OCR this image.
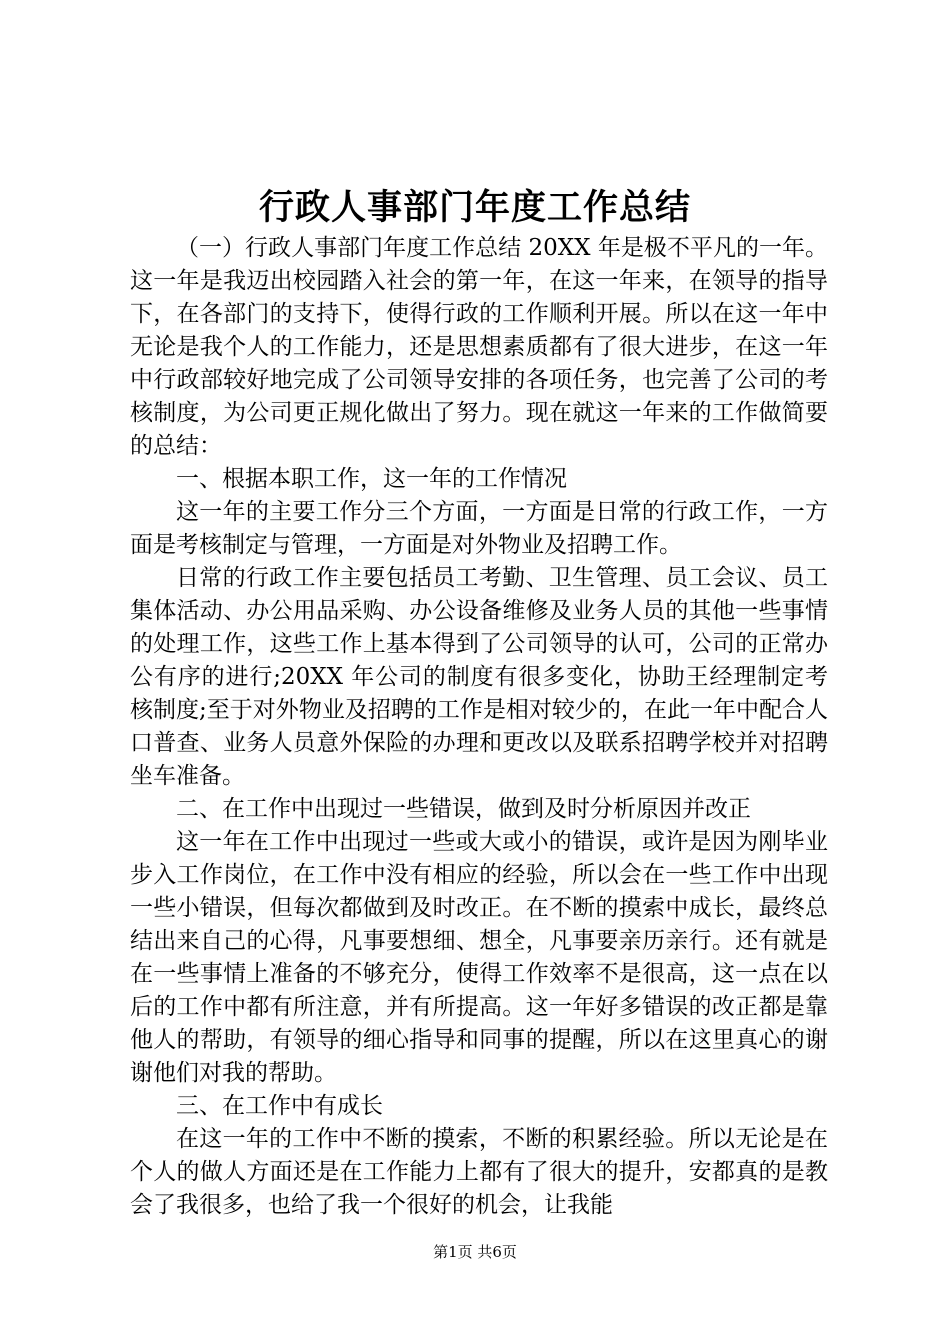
行政人事部门年度工作总结

（一）行政人事部门年度工作总结 20XX 年是极不平凡的一年。这一年是我迈出校园踏入社会的第一年，在这一年来，在领导的指导下，在各部门的支持下，使得行政的工作顺利开展。所以在这一年中无论是我个人的工作能力，还是思想素质都有了很大进步，在这一年中行政部较好地完成了公司领导安排的各项任务，也完善了公司的考核制度，为公司更正规化做出了努力。现在就这一年来的工作做简要的总结：

一、根据本职工作，这一年的工作情况

这一年的主要工作分三个方面，一方面是日常的行政工作，一方面是考核制定与管理，一方面是对外物业及招聘工作。

日常的行政工作主要包括员工考勤、卫生管理、员工会议、员工集体活动、办公用品采购、办公设备维修及业务人员的其他一些事情的处理工作，这些工作上基本得到了公司领导的认可，公司的正常办公有序的进行;20XX 年公司的制度有很多变化，协助王经理制定考核制度;至于对外物业及招聘的工作是相对较少的，在此一年中配合人口普查、业务人员意外保险的办理和更改以及联系招聘学校并对招聘坐车准备。

二、在工作中出现过一些错误，做到及时分析原因并改正

这一年在工作中出现过一些或大或小的错误，或许是因为刚毕业步入工作岗位，在工作中没有相应的经验，所以会在一些工作中出现一些小错误，但每次都做到及时改正。在不断的摸索中成长，最终总结出来自己的心得，凡事要想细、想全，凡事要亲历亲行。还有就是在一些事情上准备的不够充分，使得工作效率不是很高，这一点在以后的工作中都有所注意，并有所提高。这一年好多错误的改正都是靠他人的帮助，有领导的细心指导和同事的提醒，所以在这里真心的谢谢他们对我的帮助。

三、在工作中有成长

在这一年的工作中不断的摸索，不断的积累经验。所以无论是在个人的做人方面还是在工作能力上都有了很大的提升，安都真的是教会了我很多，也给了我一个很好的机会，让我能

第1页 共6页
